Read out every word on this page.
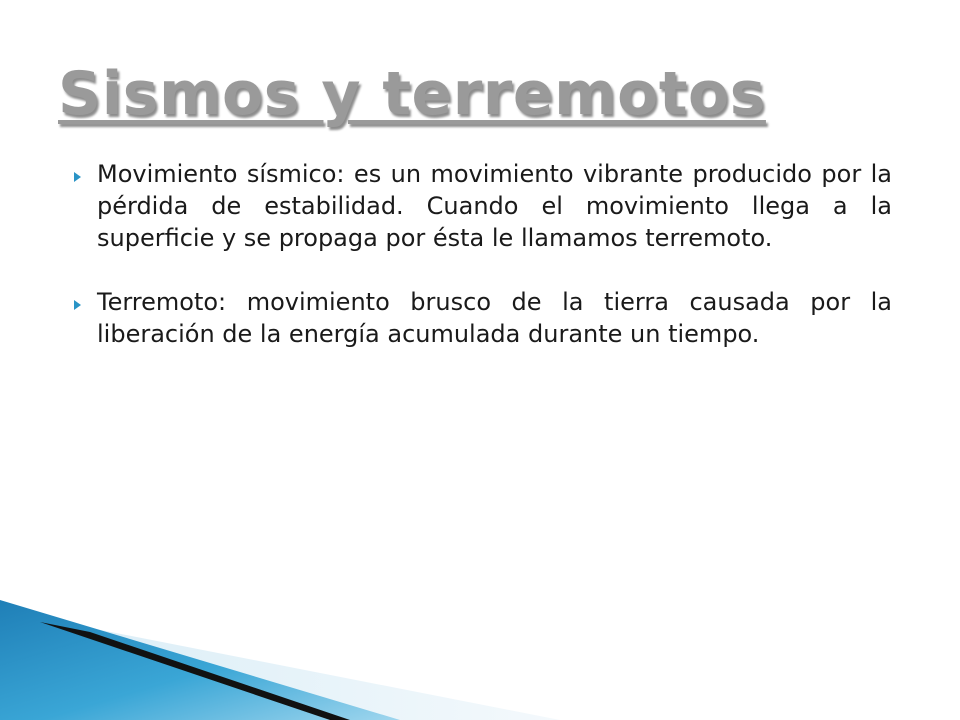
Sismos y terremotos
Movimiento sísmico: es un movimiento vibrante producido por la pérdida de estabilidad. Cuando el movimiento llega a la superficie y se propaga por ésta le llamamos terremoto.
Terremoto: movimiento brusco de la tierra causada por la liberación de la energía acumulada durante un tiempo.
